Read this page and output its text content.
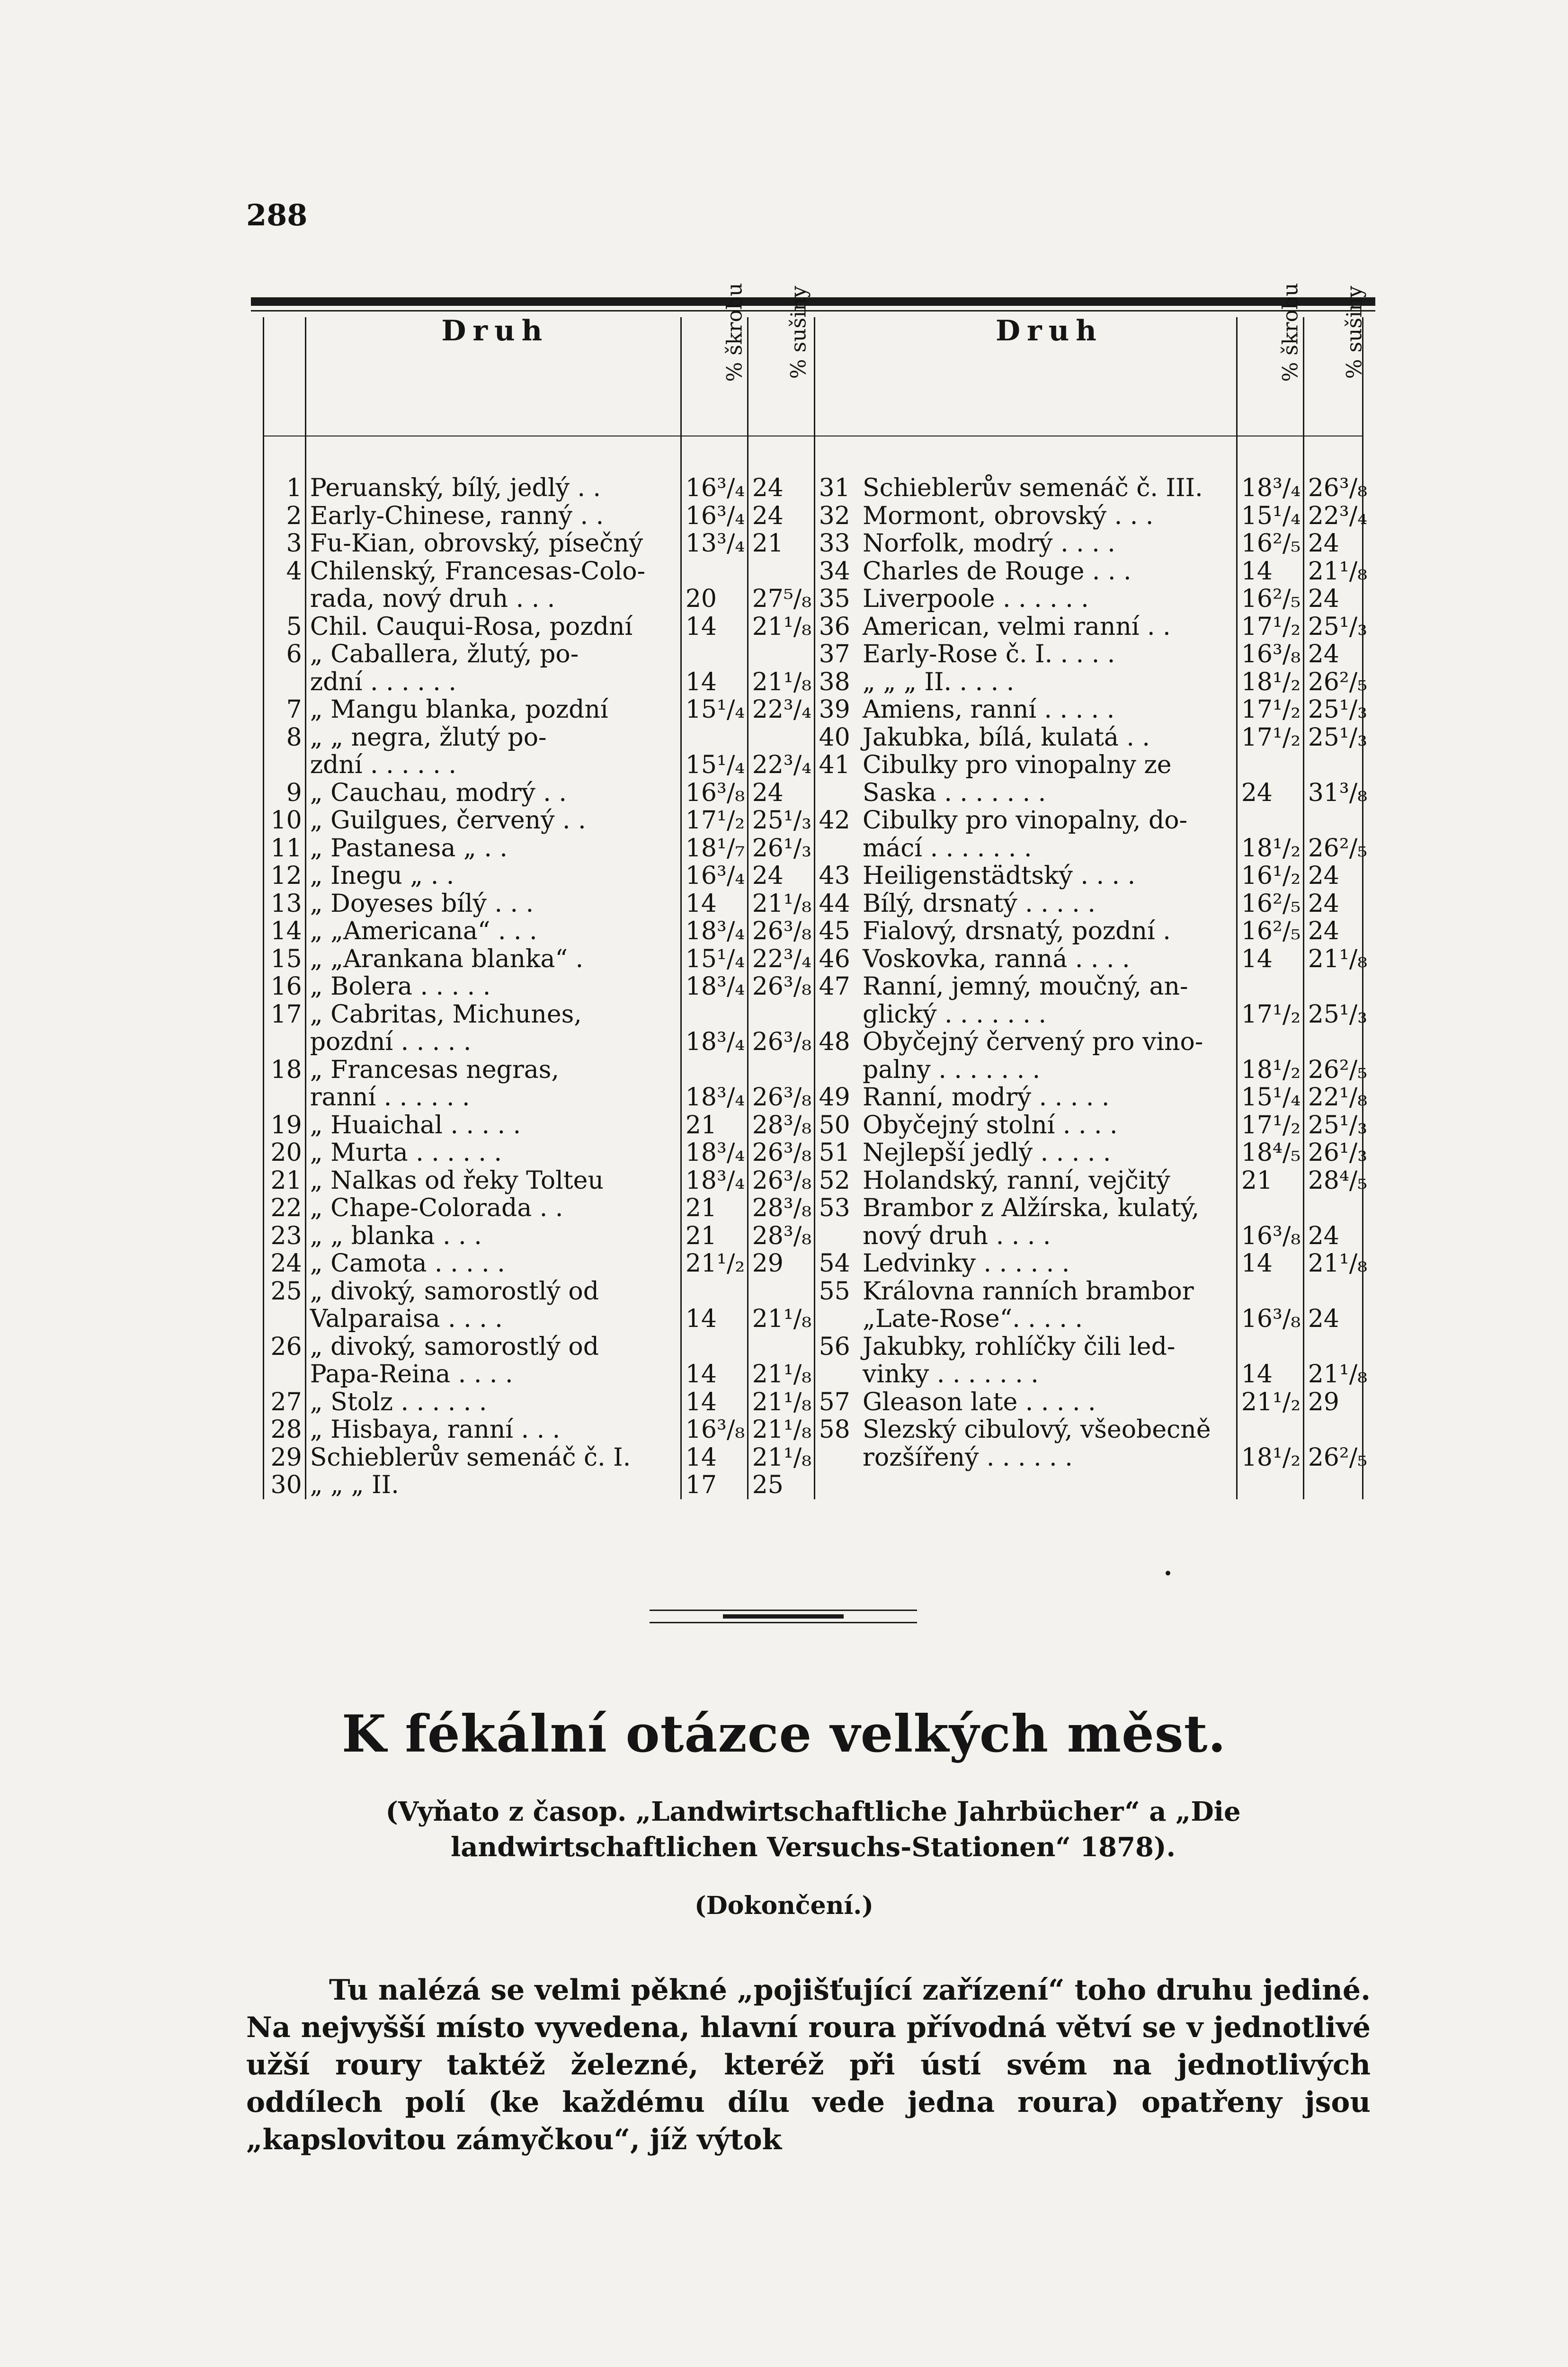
288
	Druh	% škrobu	% sušiny		Druh	% škrobu	% sušiny

1	Peruanský, bílý, jedlý . .	16³/₄	24	31	Schieblerův semenáč č. III.	18³/₄	26³/₈
2	Early-Chinese, ranný . .	16³/₄	24	32	Mormont, obrovský . . .	15¹/₄	22³/₄
3	Fu-Kian, obrovský, písečný	13³/₄	21	33	Norfolk, modrý . . . .	16²/₅	24
4	Chilenský, Francesas-Colo-			34	Charles de Rouge . . .	14	21¹/₈
	rada, nový druh . . .	20	27⁵/₈	35	Liverpoole . . . . . .	16²/₅	24
5	Chil. Cauqui-Rosa, pozdní	14	21¹/₈	36	American, velmi ranní . .	17¹/₂	25¹/₃
6	„ Caballera, žlutý, po-			37	Early-Rose č. I. . . . .	16³/₈	24
	zdní . . . . . .	14	21¹/₈	38	„ „ „ II. . . . .	18¹/₂	26²/₅
7	„ Mangu blanka, pozdní	15¹/₄	22³/₄	39	Amiens, ranní . . . . .	17¹/₂	25¹/₃
8	„ „ negra, žlutý po-			40	Jakubka, bílá, kulatá . .	17¹/₂	25¹/₃
	zdní . . . . . .	15¹/₄	22³/₄	41	Cibulky pro vinopalny ze		
9	„ Cauchau, modrý . .	16³/₈	24		Saska . . . . . . .	24	31³/₈
10	„ Guilgues, červený . .	17¹/₂	25¹/₃	42	Cibulky pro vinopalny, do-		
11	„ Pastanesa „ . .	18¹/₇	26¹/₃		mácí . . . . . . .	18¹/₂	26²/₅
12	„ Inegu „ . .	16³/₄	24	43	Heiligenstädtský . . . .	16¹/₂	24
13	„ Doyeses bílý . . .	14	21¹/₈	44	Bílý, drsnatý . . . . .	16²/₅	24
14	„ „Americana“ . . .	18³/₄	26³/₈	45	Fialový, drsnatý, pozdní .	16²/₅	24
15	„ „Arankana blanka“ .	15¹/₄	22³/₄	46	Voskovka, ranná . . . .	14	21¹/₈
16	„ Bolera . . . . .	18³/₄	26³/₈	47	Ranní, jemný, moučný, an-		
17	„ Cabritas, Michunes,				glický . . . . . . .	17¹/₂	25¹/₃
	pozdní . . . . .	18³/₄	26³/₈	48	Obyčejný červený pro vino-		
18	„ Francesas negras,				palny . . . . . . .	18¹/₂	26²/₅
	ranní . . . . . .	18³/₄	26³/₈	49	Ranní, modrý . . . . .	15¹/₄	22¹/₈
19	„ Huaichal . . . . .	21	28³/₈	50	Obyčejný stolní . . . .	17¹/₂	25¹/₃
20	„ Murta . . . . . .	18³/₄	26³/₈	51	Nejlepší jedlý . . . . .	18⁴/₅	26¹/₃
21	„ Nalkas od řeky Tolteu	18³/₄	26³/₈	52	Holandský, ranní, vejčitý	21	28⁴/₅
22	„ Chape-Colorada . .	21	28³/₈	53	Brambor z Alžírska, kulatý,		
23	„ „ blanka . . .	21	28³/₈		nový druh . . . .	16³/₈	24
24	„ Camota . . . . .	21¹/₂	29	54	Ledvinky . . . . . .	14	21¹/₈
25	„ divoký, samorostlý od			55	Královna ranních brambor		
	Valparaisa . . . .	14	21¹/₈		„Late-Rose“. . . . .	16³/₈	24
26	„ divoký, samorostlý od			56	Jakubky, rohlíčky čili led-		
	Papa-Reina . . . .	14	21¹/₈		vinky . . . . . . .	14	21¹/₈
27	„ Stolz . . . . . .	14	21¹/₈	57	Gleason late . . . . .	21¹/₂	29
28	„ Hisbaya, ranní . . .	16³/₈	21¹/₈	58	Slezský cibulový, všeobecně		
29	Schieblerův semenáč č. I.	14	21¹/₈		rozšířený . . . . . .	18¹/₂	26²/₅
30	„ „ „ II.	17	25				
K fékální otázce velkých měst.
(Vyňato z časop. „Landwirtschaftliche Jahrbücher“ a „Die landwirtschaftlichen Versuchs-Stationen“ 1878).
(Dokončení.)

Tu nalézá se velmi pěkné „pojišťující zařízení“ toho druhu jediné. Na nejvyšší místo vyvedena, hlavní roura přívodná větví se v jednotlivé užší roury taktéž železné, kteréž při ústí svém na jednotlivých oddílech polí (ke každému dílu vede jedna roura) opatřeny jsou „kapslovitou zámyčkou“, jíž výtok
